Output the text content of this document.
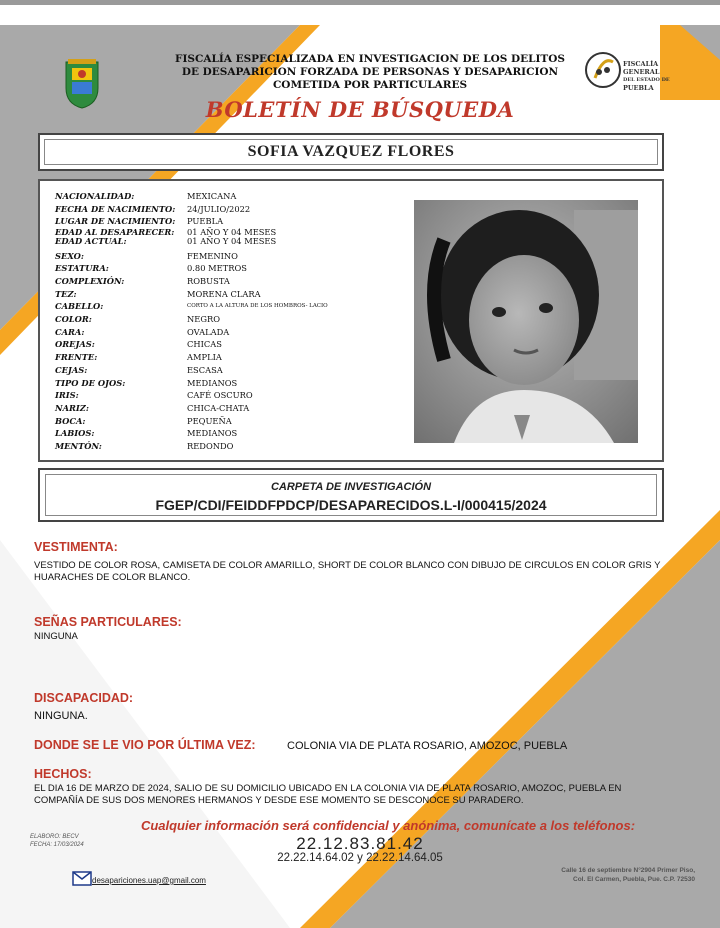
FISCALÍA ESPECIALIZADA EN INVESTIGACION DE LOS DELITOS
DE DESAPARICION FORZADA DE PERSONAS Y DESAPARICION
COMETIDA POR PARTICULARES
FISCALÍA GENERAL
DEL ESTADO DE
PUEBLA
BOLETÍN DE BÚSQUEDA
SOFIA VAZQUEZ FLORES
NACIONALIDAD:
FECHA DE NACIMIENTO:
LUGAR DE NACIMIENTO:
EDAD AL DESAPARECER:
EDAD ACTUAL:
SEXO:
ESTATURA:
COMPLEXIÓN:
TEZ:
CABELLO:
COLOR:
CARA:
OREJAS:
FRENTE:
CEJAS:
TIPO DE OJOS:
IRIS:
NARIZ:
BOCA:
LABIOS:
MENTÓN:
MEXICANA
24/JULIO/2022
PUEBLA
01 AÑO Y 04 MESES
01 AÑO Y 04 MESES
FEMENINO
0.80 METROS
ROBUSTA
MORENA CLARA
CORTO A LA ALTURA DE LOS HOMBROS- LACIO
NEGRO
OVALADA
CHICAS
AMPLIA
ESCASA
MEDIANOS
CAFÉ OSCURO
CHICA-CHATA
PEQUEÑA
MEDIANOS
REDONDO
CARPETA DE INVESTIGACIÓN
FGEP/CDI/FEIDDFPDCP/DESAPARECIDOS.L-I/000415/2024
VESTIMENTA:
VESTIDO DE COLOR ROSA, CAMISETA DE COLOR AMARILLO, SHORT DE COLOR BLANCO CON DIBUJO DE CIRCULOS EN COLOR GRIS Y HUARACHES DE COLOR BLANCO.
SEÑAS PARTICULARES:
NINGUNA
DISCAPACIDAD:
NINGUNA.
DONDE SE LE VIO POR ÚLTIMA VEZ:	COLONIA VIA DE PLATA ROSARIO, AMOZOC, PUEBLA
HECHOS:
EL DIA 16 DE MARZO DE 2024, SALIO DE SU DOMICILIO UBICADO EN LA COLONIA VIA DE PLATA ROSARIO, AMOZOC, PUEBLA EN COMPAÑÍA DE SUS DOS MENORES HERMANOS Y DESDE ESE MOMENTO SE DESCONOCE SU PARADERO.
ELABORO: BECV
FECHA: 17/03/2024
Cualquier información será confidencial y anónima, comunícate a los teléfonos:
22.12.83.81.42
22.22.14.64.02 y 22.22.14.64.05
desapariciones.uap@gmail.com
Calle 16 de septiembre N°2904 Primer Piso,
Col. El Carmen, Puebla, Pue. C.P. 72530
